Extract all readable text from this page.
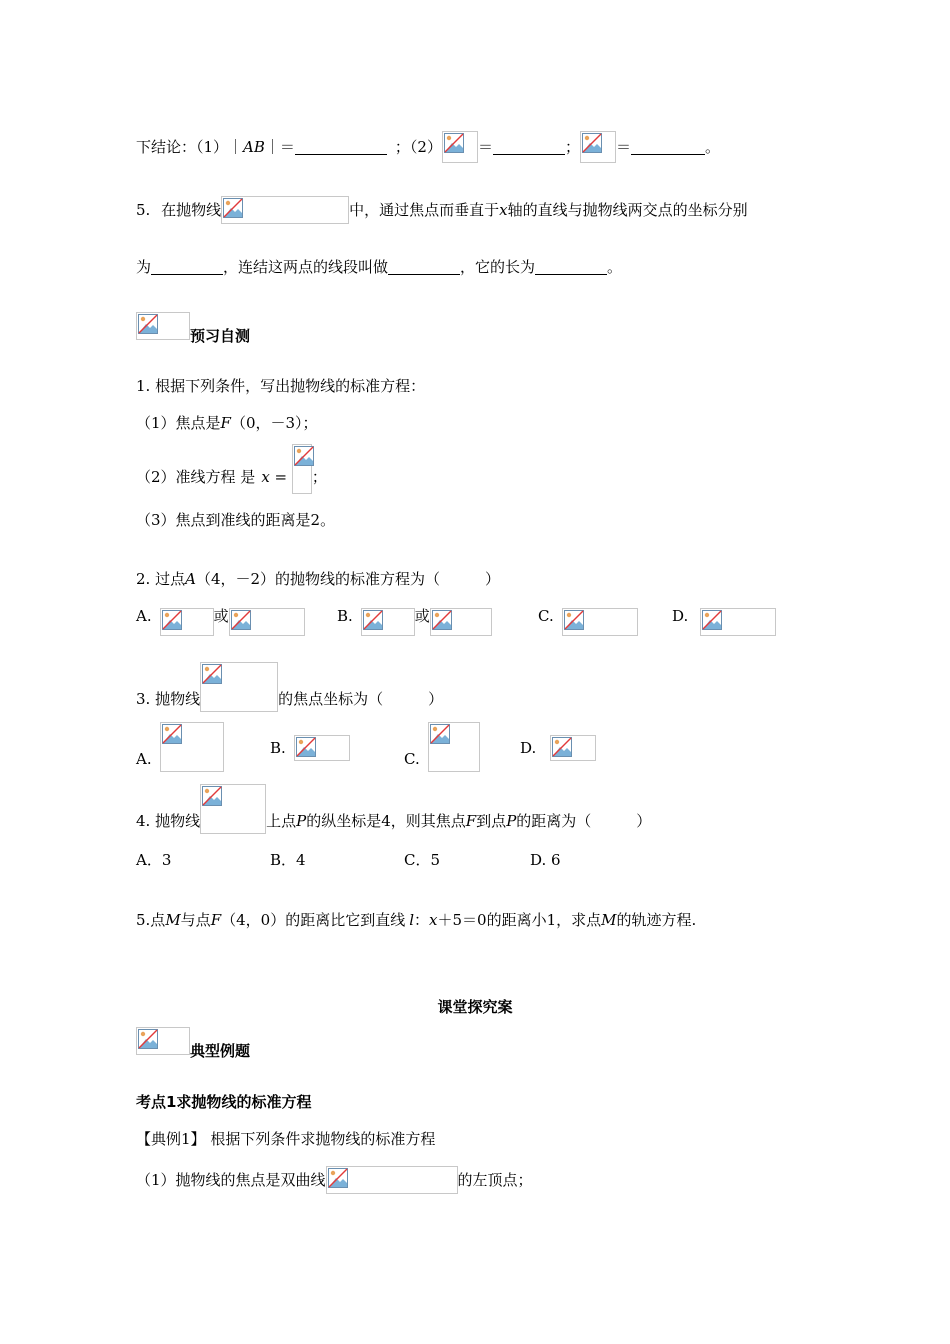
下结论：（1）｜AB｜＝	；（2） ＝	； ＝	。
5. 在抛物线	中，通过焦点而垂直于x轴的直线与抛物线两交点的坐标分别
为	，连结这两点的线段叫做	，它的长为	。
预习自测
1. 根据下列条件，写出抛物线的标准方程：
（1）焦点是F（0，－3）；
（2）准线方程 是 x = ；
（3）焦点到准线的距离是2。
2. 过点A（4，－2）的抛物线的标准方程为（　　　）
A.	或	B.	或	C.	D.
3. 抛物线	的焦点坐标为（　　　）
A.
B.
C.
D.
4. 抛物线	上点P的纵坐标是4，则其焦点F到点P的距离为（　　　）
A．3	B．4	C．5	D. 6
5.点M与点F（4，0）的距离比它到直线 l：x＋5＝0的距离小1，求点M的轨迹方程.
课堂探究案
典型例题
考点1求抛物线的标准方程
【典例1】 根据下列条件求抛物线的标准方程
（1）抛物线的焦点是双曲线	的左顶点；
